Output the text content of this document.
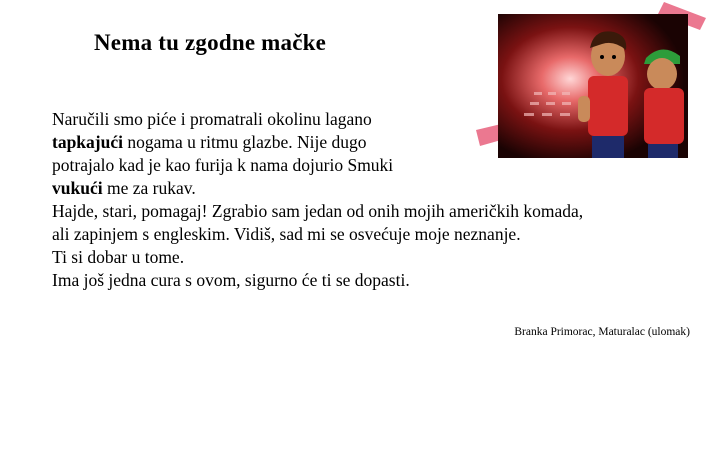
Nema tu zgodne mačke
Naručili smo piće i promatrali okolinu lagano
tapkajući nogama u ritmu glazbe. Nije dugo
potrajalo kad je kao furija k nama dojurio Smuki
vukući me za rukav.
Hajde, stari, pomagaj! Zgrabio sam jedan od onih mojih američkih komada,
ali zapinjem s engleskim. Vidiš, sad mi se osvećuje moje neznanje.
Ti si dobar u tome.
Ima još jedna cura s ovom, sigurno će ti se dopasti.
Branka Primorac, Maturalac (ulomak)
